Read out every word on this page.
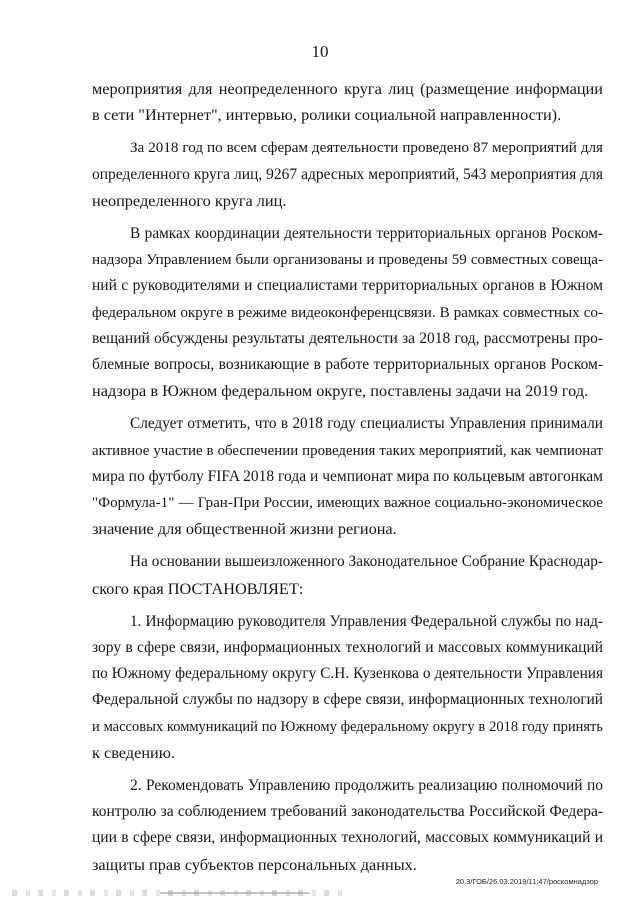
10
мероприятия для неопределенного круга лиц (размещение информации
в сети "Интернет", интервью, ролики социальной направленности).
За 2018 год по всем сферам деятельности проведено 87 мероприятий для
определенного круга лиц, 9267 адресных мероприятий, 543 мероприятия для
неопределенного круга лиц.
В рамках координации деятельности территориальных органов Роском-
надзора Управлением были организованы и проведены 59 совместных совеща-
ний с руководителями и специалистами территориальных органов в Южном
федеральном округе в режиме видеоконференцсвязи. В рамках совместных со-
вещаний обсуждены результаты деятельности за 2018 год, рассмотрены про-
блемные вопросы, возникающие в работе территориальных органов Роском-
надзора в Южном федеральном округе, поставлены задачи на 2019 год.
Следует отметить, что в 2018 году специалисты Управления принимали
активное участие в обеспечении проведения таких мероприятий, как чемпионат
мира по футболу FIFA 2018 года и чемпионат мира по кольцевым автогонкам
"Формула-1" — Гран-При России, имеющих важное социально-экономическое
значение для общественной жизни региона.
На основании вышеизложенного Законодательное Собрание Краснодар-
ского края ПОСТАНОВЛЯЕТ:
1. Информацию руководителя Управления Федеральной службы по над-
зору в сфере связи, информационных технологий и массовых коммуникаций
по Южному федеральному округу С.Н. Кузенкова о деятельности Управления
Федеральной службы по надзору в сфере связи, информационных технологий
и массовых коммуникаций по Южному федеральному округу в 2018 году принять
к сведению.
2. Рекомендовать Управлению продолжить реализацию полномочий по
контролю за соблюдением требований законодательства Российской Федера-
ции в сфере связи, информационных технологий, массовых коммуникаций и
защиты прав субъектов персональных данных.
20.3/ГОБ/26.03.2019/11:47/роскомнадзор
